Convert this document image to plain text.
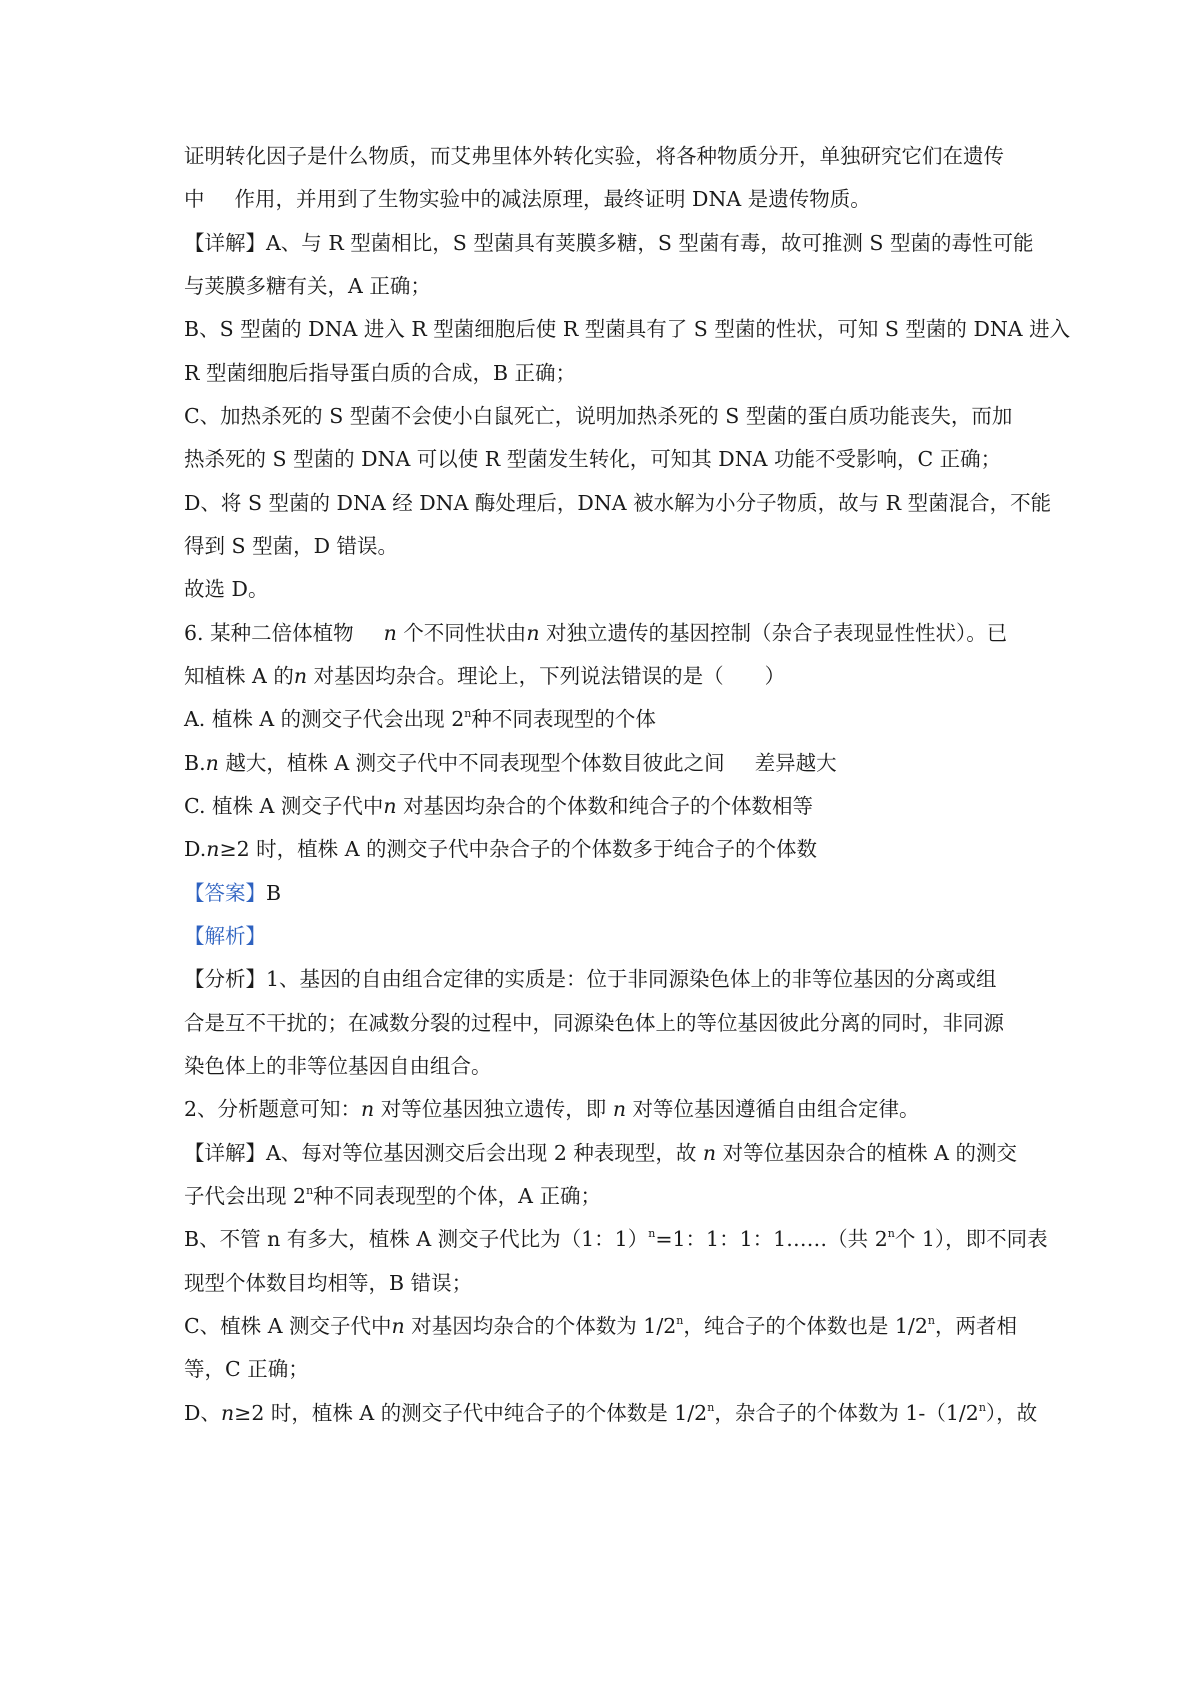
证明转化因子是什么物质，而艾弗里体外转化实验，将各种物质分开，单独研究它们在遗传
中 作用，并用到了生物实验中的减法原理，最终证明 DNA 是遗传物质。
【详解】A、与 R 型菌相比，S 型菌具有荚膜多糖，S 型菌有毒，故可推测 S 型菌的毒性可能
与荚膜多糖有关，A 正确；
B、S 型菌的 DNA 进入 R 型菌细胞后使 R 型菌具有了 S 型菌的性状，可知 S 型菌的 DNA 进入
R 型菌细胞后指导蛋白质的合成，B 正确；
C、加热杀死的 S 型菌不会使小白鼠死亡，说明加热杀死的 S 型菌的蛋白质功能丧失，而加
热杀死的 S 型菌的 DNA 可以使 R 型菌发生转化，可知其 DNA 功能不受影响，C 正确；
D、将 S 型菌的 DNA 经 DNA 酶处理后，DNA 被水解为小分子物质，故与 R 型菌混合，不能
得到 S 型菌，D 错误。
故选 D。
6. 某种二倍体植物 n 个不同性状由n 对独立遗传的基因控制（杂合子表现显性性状）。已
知植株 A 的n 对基因均杂合。理论上，下列说法错误的是（　　）
A. 植株 A 的测交子代会出现 2$^n$种不同表现型的个体
B.n 越大，植株 A 测交子代中不同表现型个体数目彼此之间 差异越大
C. 植株 A 测交子代中n 对基因均杂合的个体数和纯合子的个体数相等
D.n≥2 时，植株 A 的测交子代中杂合子的个体数多于纯合子的个体数
【答案】B
【解析】
【分析】1、基因的自由组合定律的实质是：位于非同源染色体上的非等位基因的分离或组
合是互不干扰的；在减数分裂的过程中，同源染色体上的等位基因彼此分离的同时，非同源
染色体上的非等位基因自由组合。
2、分析题意可知：n 对等位基因独立遗传，即 n 对等位基因遵循自由组合定律。
【详解】A、每对等位基因测交后会出现 2 种表现型，故 n 对等位基因杂合的植株 A 的测交
子代会出现 2$^n$种不同表现型的个体，A 正确；
B、不管 n 有多大，植株 A 测交子代比为（1：1）$^n$=1：1：1：1……（共 2$^n$个 1），即不同表
现型个体数目均相等，B 错误；
C、植株 A 测交子代中n 对基因均杂合的个体数为 1/2$^n$，纯合子的个体数也是 1/2$^n$，两者相
等，C 正确；
D、n≥2 时，植株 A 的测交子代中纯合子的个体数是 1/2$^n$，杂合子的个体数为 1-（1/2$^n$），故
